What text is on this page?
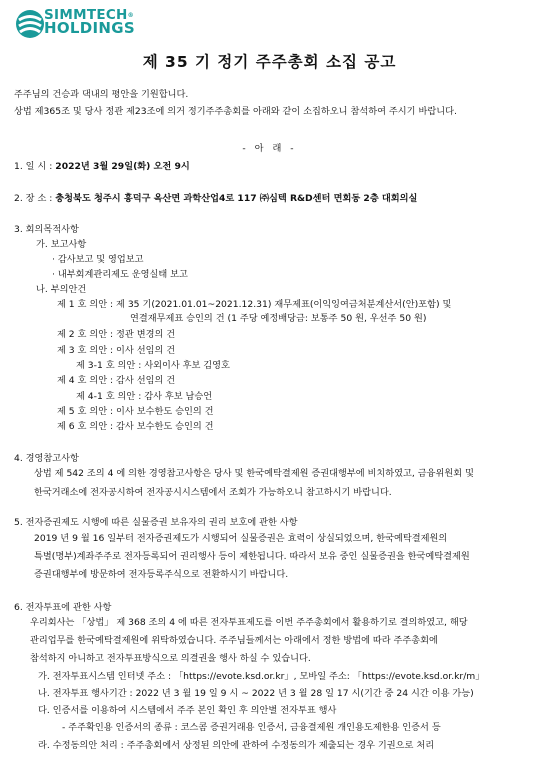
SIMMTECH®
HOLDINGS
제 35 기 정기 주주총회 소집 공고
주주님의 건승과 댁내의 평안을 기원합니다.
상법 제365조 및 당사 정관 제23조에 의거 정기주주총회를 아래와 같이 소집하오니 참석하여 주시기 바랍니다.
- 아 래 -
1. 일 시 : 2022년 3월 29일(화) 오전 9시
2. 장 소 : 충청북도 청주시 흥덕구 옥산면 과학산업4로 117 ㈜심텍 R&D센터 면회동 2층 대회의실
3. 회의목적사항
가. 보고사항
· 감사보고 및 영업보고
· 내부회계관리제도 운영실태 보고
나. 부의안건
제 1 호 의안 : 제 35 기(2021.01.01~2021.12.31) 재무제표(이익잉여금처분계산서(안)포함) 및
연결재무제표 승인의 건 (1 주당 예정배당금: 보통주 50 원, 우선주 50 원)
제 2 호 의안 : 정관 변경의 건
제 3 호 의안 : 이사 선임의 건
제 3-1 호 의안 : 사외이사 후보 김영호
제 4 호 의안 : 감사 선임의 건
제 4-1 호 의안 : 감사 후보 남승언
제 5 호 의안 : 이사 보수한도 승인의 건
제 6 호 의안 : 감사 보수한도 승인의 건
4. 경영참고사항
상법 제 542 조의 4 에 의한 경영참고사항은 당사 및 한국예탁결제원 증권대행부에 비치하였고, 금융위원회 및
한국거래소에 전자공시하여 전자공시시스템에서 조회가 가능하오니 참고하시기 바랍니다.
5. 전자증권제도 시행에 따른 실물증권 보유자의 권리 보호에 관한 사항
2019 년 9 월 16 일부터 전자증권제도가 시행되어 실물증권은 효력이 상실되었으며, 한국예탁결제원의
특별(명부)계좌주주로 전자등록되어 권리행사 등이 제한됩니다. 따라서 보유 중인 실물증권을 한국예탁결제원
증권대행부에 방문하여 전자등록주식으로 전환하시기 바랍니다.
6. 전자투표에 관한 사항
우리회사는 「상법」 제 368 조의 4 에 따른 전자투표제도를 이번 주주총회에서 활용하기로 결의하였고, 해당
관리업무를 한국예탁결제원에 위탁하였습니다. 주주님들께서는 아래에서 정한 방법에 따라 주주총회에
참석하지 아니하고 전자투표방식으로 의결권을 행사 하실 수 있습니다.
가. 전자투표시스템 인터넷 주소 : 「https://evote.ksd.or.kr」, 모바일 주소: 「https://evote.ksd.or.kr/m」
나. 전자투표 행사기간 : 2022 년 3 월 19 일 9 시 ~ 2022 년 3 월 28 일 17 시(기간 중 24 시간 이용 가능)
다. 인증서를 이용하여 시스템에서 주주 본인 확인 후 의안별 전자투표 행사
- 주주확인용 인증서의 종류 : 코스콤 증권거래용 인증서, 금융결제원 개인용도제한용 인증서 등
라. 수정동의안 처리 : 주주총회에서 상정된 의안에 관하여 수정동의가 제출되는 경우 기권으로 처리
